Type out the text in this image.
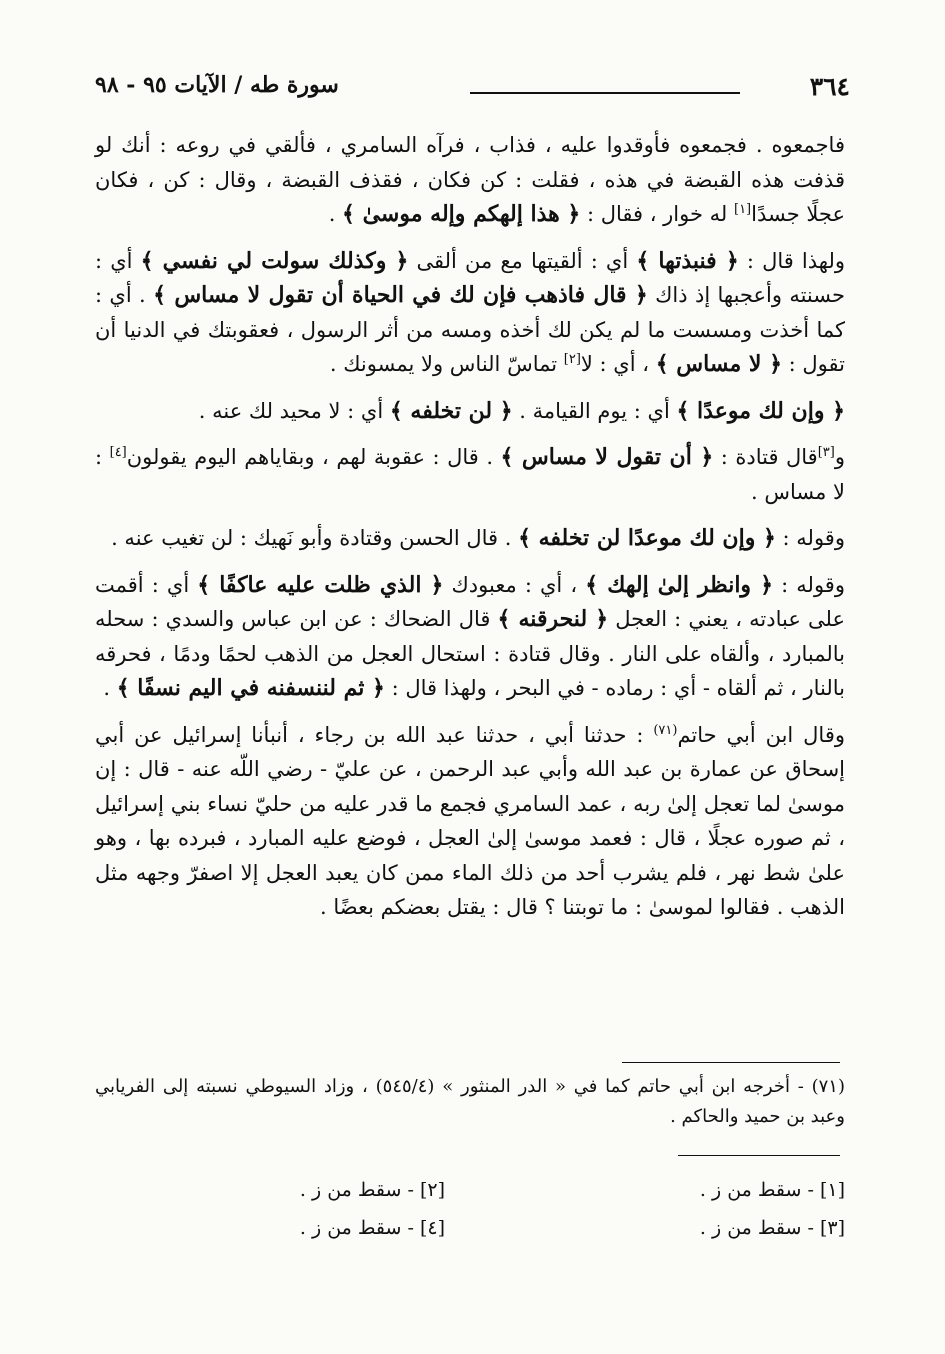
٣٦٤
سورة طه / الآيات ٩٥ - ٩٨

فاجمعوه . فجمعوه فأوقدوا عليه ، فذاب ، فرآه السامري ، فألقي في روعه : أنك لو قذفت هذه القبضة في هذه ، فقلت : كن فكان ، فقذف القبضة ، وقال : كن ، فكان عجلًا جسدًا[١] له خوار ، فقال : ﴿ هذا إلهكم وإله موسىٰ ﴾ .

ولهذا قال : ﴿ فنبذتها ﴾ أي : ألقيتها مع من ألقى ﴿ وكذلك سولت لي نفسي ﴾ أي : حسنته وأعجبها إذ ذاك ﴿ قال فاذهب فإن لك في الحياة أن تقول لا مساس ﴾ . أي : كما أخذت ومسست ما لم يكن لك أخذه ومسه من أثر الرسول ، فعقوبتك في الدنيا أن تقول : ﴿ لا مساس ﴾ ، أي : لا[٢] تماسّ الناس ولا يمسونك .

﴿ وإن لك موعدًا ﴾ أي : يوم القيامة . ﴿ لن تخلفه ﴾ أي : لا محيد لك عنه .

و[٣]قال قتادة : ﴿ أن تقول لا مساس ﴾ . قال : عقوبة لهم ، وبقاياهم اليوم يقولون[٤] : لا مساس .

وقوله : ﴿ وإن لك موعدًا لن تخلفه ﴾ . قال الحسن وقتادة وأبو نَهيك : لن تغيب عنه .

وقوله : ﴿ وانظر إلىٰ إلهك ﴾ ، أي : معبودك ﴿ الذي ظلت عليه عاكفًا ﴾ أي : أقمت على عبادته ، يعني : العجل ﴿ لنحرقنه ﴾ قال الضحاك : عن ابن عباس والسدي : سحله بالمبارد ، وألقاه على النار . وقال قتادة : استحال العجل من الذهب لحمًا ودمًا ، فحرقه بالنار ، ثم ألقاه - أي : رماده - في البحر ، ولهذا قال : ﴿ ثم لننسفنه في اليم نسفًا ﴾ .

وقال ابن أبي حاتم$^{(٧١)}$ : حدثنا أبي ، حدثنا عبد الله بن رجاء ، أنبأنا إسرائيل عن أبي إسحاق عن عمارة بن عبد الله وأبي عبد الرحمن ، عن عليّ - رضي اللّه عنه - قال : إن موسىٰ لما تعجل إلىٰ ربه ، عمد السامري فجمع ما قدر عليه من حليّ نساء بني إسرائيل ، ثم صوره عجلًا ، قال : فعمد موسىٰ إلىٰ العجل ، فوضع عليه المبارد ، فبرده بها ، وهو علىٰ شط نهر ، فلم يشرب أحد من ذلك الماء ممن كان يعبد العجل إلا اصفرّ وجهه مثل الذهب . فقالوا لموسىٰ : ما توبتنا ؟ قال : يقتل بعضكم بعضًا .

(٧١) - أخرجه ابن أبي حاتم كما في « الدر المنثور » (٥٤٥/٤) ، وزاد السيوطي نسبته إلى الفريابي وعبد بن حميد والحاكم .
[١] - سقط من ز .
[٢] - سقط من ز .
[٣] - سقط من ز .
[٤] - سقط من ز .
